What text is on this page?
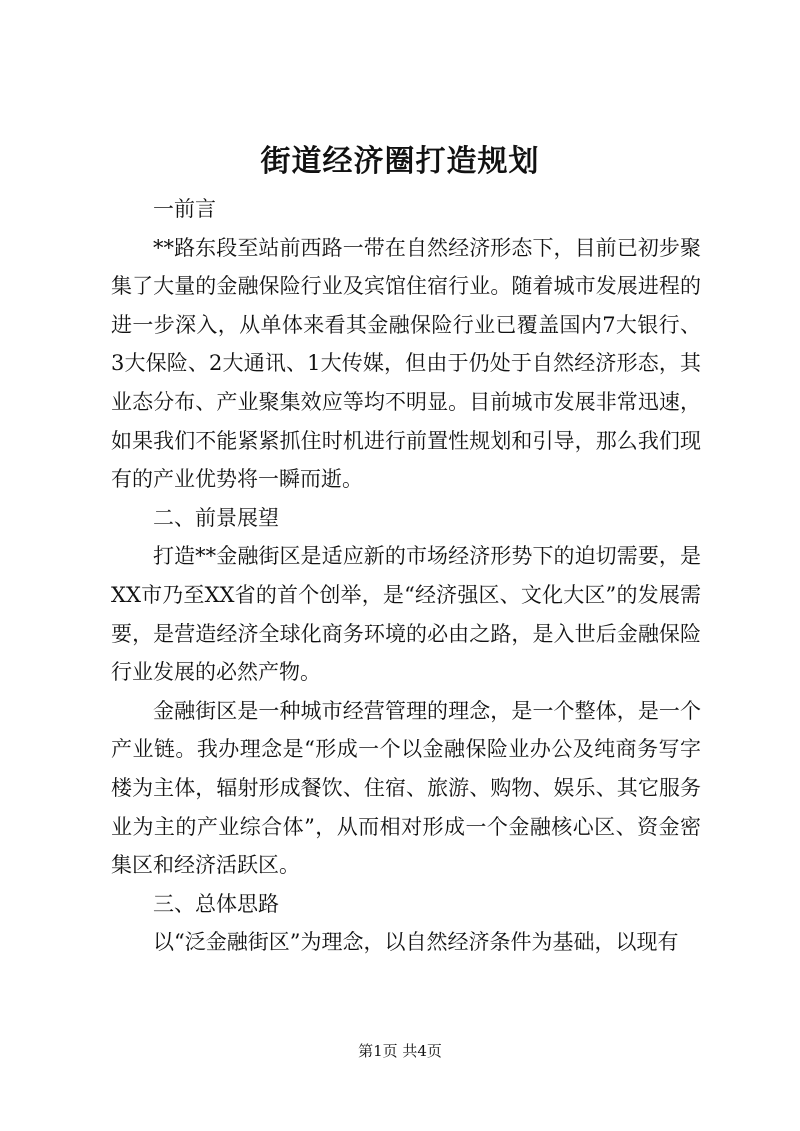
街道经济圈打造规划

一前言

**路东段至站前西路一带在自然经济形态下，目前已初步聚集了大量的金融保险行业及宾馆住宿行业。随着城市发展进程的进一步深入，从单体来看其金融保险行业已覆盖国内7大银行、3大保险、2大通讯、1大传媒，但由于仍处于自然经济形态，其业态分布、产业聚集效应等均不明显。目前城市发展非常迅速，如果我们不能紧紧抓住时机进行前置性规划和引导，那么我们现有的产业优势将一瞬而逝。

二、前景展望

打造**金融街区是适应新的市场经济形势下的迫切需要，是XX市乃至XX省的首个创举，是“经济强区、文化大区”的发展需要，是营造经济全球化商务环境的必由之路，是入世后金融保险行业发展的必然产物。

金融街区是一种城市经营管理的理念，是一个整体，是一个产业链。我办理念是“形成一个以金融保险业办公及纯商务写字楼为主体，辐射形成餐饮、住宿、旅游、购物、娱乐、其它服务业为主的产业综合体”，从而相对形成一个金融核心区、资金密集区和经济活跃区。

三、总体思路

以“泛金融街区”为理念，以自然经济条件为基础，以现有

第1页 共4页
